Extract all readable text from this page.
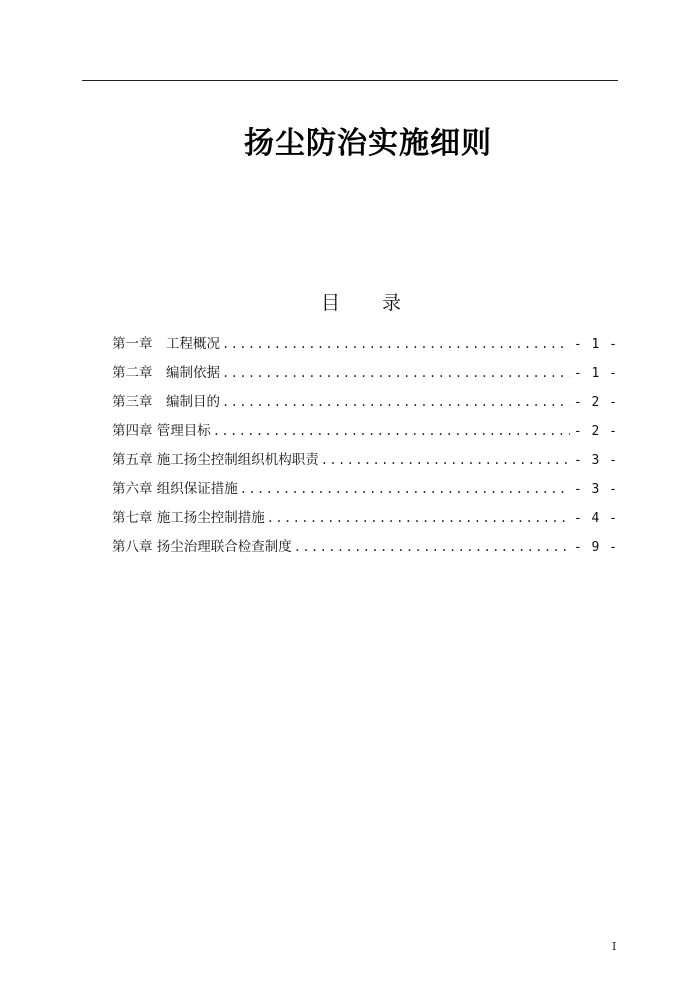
扬尘防治实施细则
目 录
第一章　工程概况 .....	- 1 -
第二章　编制依据 .....	- 1 -
第三章　编制目的 .....	- 2 -
第四章 管理目标 .....	- 2 -
第五章 施工扬尘控制组织机构职责 .....	- 3 -
第六章 组织保证措施 .....	- 3 -
第七章 施工扬尘控制措施 .....	- 4 -
第八章 扬尘治理联合检查制度 .....	- 9 -
I
